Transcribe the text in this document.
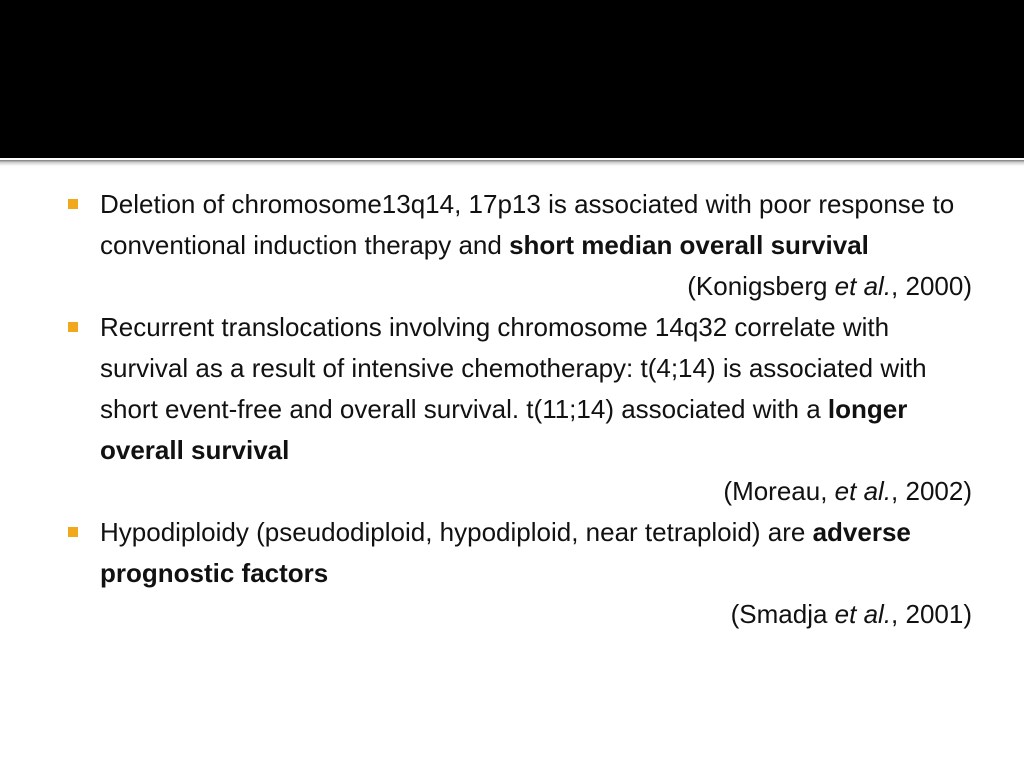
Deletion of chromosome13q14, 17p13 is associated with poor response to conventional induction therapy and short median overall survival
(Konigsberg et al., 2000)
Recurrent translocations involving chromosome 14q32 correlate with survival as a result of intensive chemotherapy: t(4;14) is associated with short event-free and overall survival. t(11;14) associated with a longer overall survival
(Moreau, et al., 2002)
Hypodiploidy (pseudodiploid, hypodiploid, near tetraploid) are adverse prognostic factors
(Smadja et al., 2001)
